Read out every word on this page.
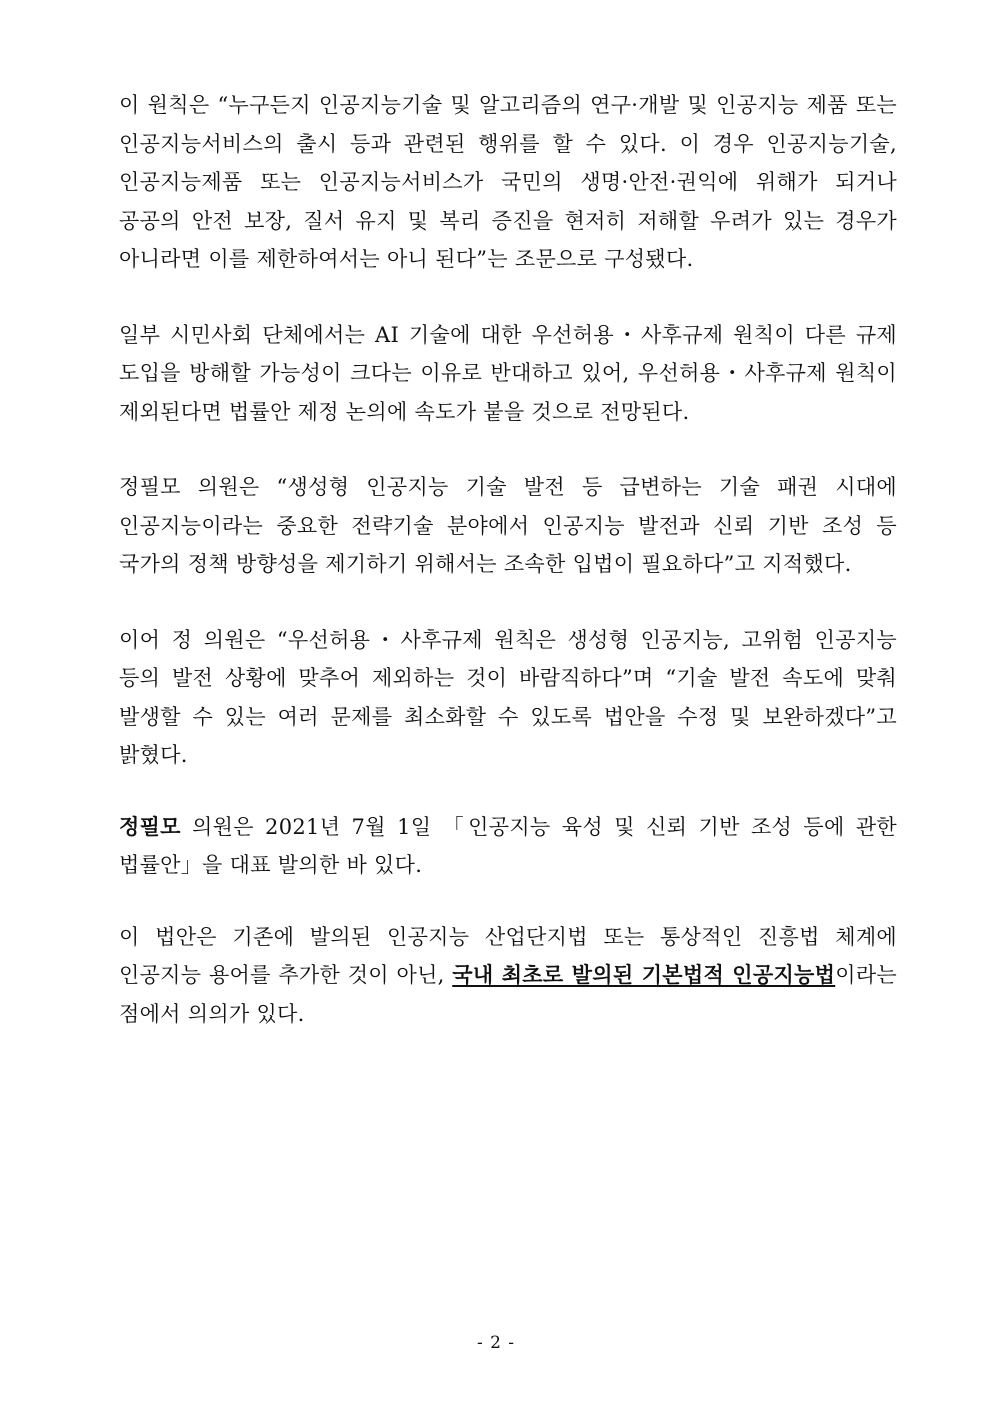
이 원칙은 “누구든지 인공지능기술 및 알고리즘의 연구·개발 및 인공지능 제품 또는 인공지능서비스의 출시 등과 관련된 행위를 할 수 있다. 이 경우 인공지능기술, 인공지능제품 또는 인공지능서비스가 국민의 생명·안전·권익에 위해가 되거나 공공의 안전 보장, 질서 유지 및 복리 증진을 현저히 저해할 우려가 있는 경우가 아니라면 이를 제한하여서는 아니 된다”는 조문으로 구성됐다.

일부 시민사회 단체에서는 AI 기술에 대한 우선허용・사후규제 원칙이 다른 규제 도입을 방해할 가능성이 크다는 이유로 반대하고 있어, 우선허용・사후규제 원칙이 제외된다면 법률안 제정 논의에 속도가 붙을 것으로 전망된다.

정필모 의원은 “생성형 인공지능 기술 발전 등 급변하는 기술 패권 시대에 인공지능이라는 중요한 전략기술 분야에서 인공지능 발전과 신뢰 기반 조성 등 국가의 정책 방향성을 제기하기 위해서는 조속한 입법이 필요하다”고 지적했다.

이어 정 의원은 “우선허용・사후규제 원칙은 생성형 인공지능, 고위험 인공지능 등의 발전 상황에 맞추어 제외하는 것이 바람직하다”며 “기술 발전 속도에 맞춰 발생할 수 있는 여러 문제를 최소화할 수 있도록 법안을 수정 및 보완하겠다”고 밝혔다.

정필모 의원은 2021년 7월 1일 「인공지능 육성 및 신뢰 기반 조성 등에 관한 법률안」을 대표 발의한 바 있다.

이 법안은 기존에 발의된 인공지능 산업단지법 또는 통상적인 진흥법 체계에 인공지능 용어를 추가한 것이 아닌, 국내 최초로 발의된 기본법적 인공지능법이라는 점에서 의의가 있다.

- 2 -
